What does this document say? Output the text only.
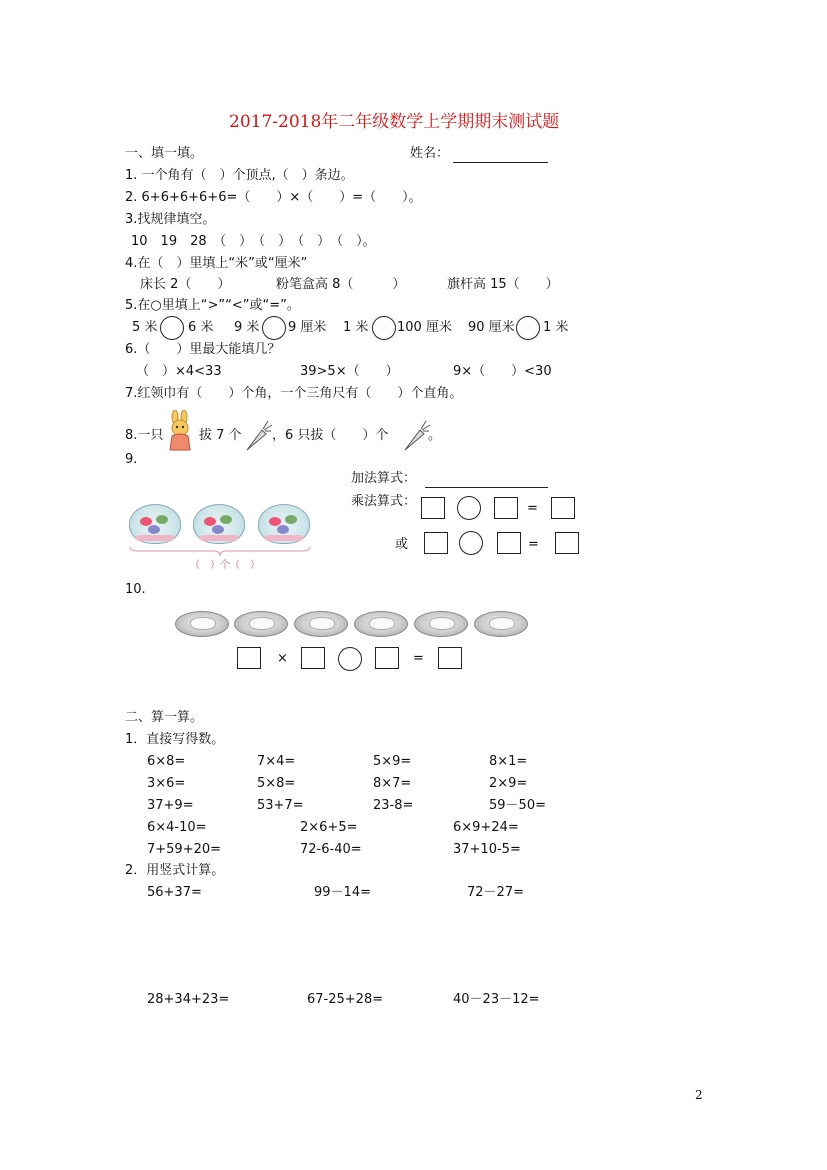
2017-2018年二年级数学上学期期末测试题
一、填一填。	姓名：
1. 一个角有（　）个顶点,（　）条边。
2. 6+6+6+6+6=（　　）×（　　）=（　　）。
3.找规律填空。
10　19　28　（　）　（　）　（　）　（　）。
4.在（　）里填上“米”或“厘米”
床长 2（　　）	粉笔盒高 8（　　　）	旗杆高 15（　　）
5.在○里填上“>”“<”或“=”。
5 米 6 米 9 米 9 厘米 1 米 100 厘米 90 厘米 1 米
6.（　　）里最大能填几？
（　）×4<33	39>5×（　　）	9×（　　）<30
7.红领巾有（　　）个角，一个三角尺有（　　）个直角。
8.一只	拔 7 个 ，6 只拔（　　）个	。
9.
加法算式：
乘法算式：	=
或	=
（　）个（　）
10.
×	=
二、算一算。
1．直接写得数。
6×8=	7×4=	5×9=	8×1=
3×6=	5×8=	8×7=	2×9=
37+9=	53+7=	23-8=	59－50=
6×4-10=	2×6+5=	6×9+24=
7+59+20=	72-6-40=	37+10-5=
2．用竖式计算。
56+37=	99－14=	72－27=
28+34+23=	67-25+28=	40－23－12=
2
